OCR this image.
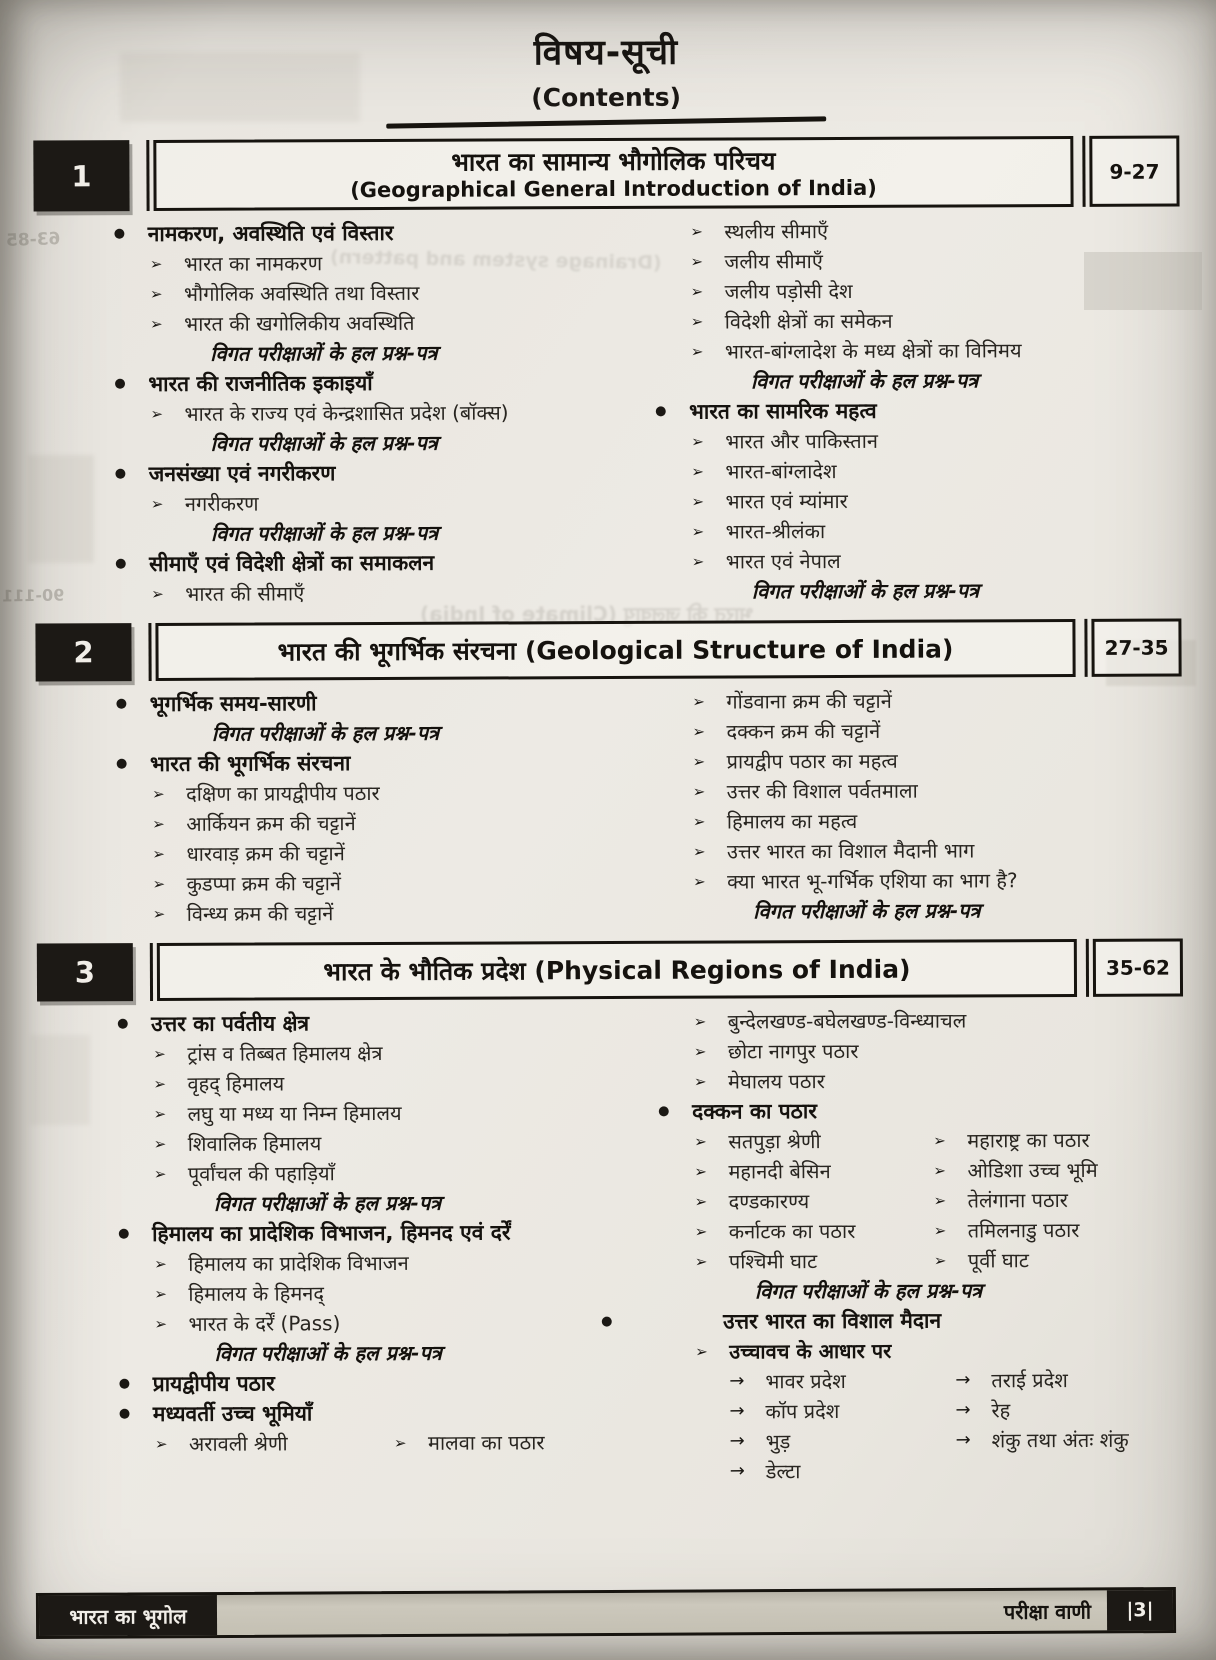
63-85
90-111
(Drainage system and pattern)
भारत की जलवायु (Climate of India)
विषय-सूची
(Contents)
1	भारत का सामान्य भौगोलिक परिचय
(Geographical General Introduction of India)
9-27
●	नामकरण, अवस्थिति एवं विस्तार
➢	भारत का नामकरण
➢	भौगोलिक अवस्थिति तथा विस्तार
➢	भारत की खगोलिकीय अवस्थिति
विगत परीक्षाओं के हल प्रश्न-पत्र
●	भारत की राजनीतिक इकाइयाँ
➢	भारत के राज्य एवं केन्द्रशासित प्रदेश (बॉक्स)
विगत परीक्षाओं के हल प्रश्न-पत्र
●	जनसंख्या एवं नगरीकरण
➢	नगरीकरण
विगत परीक्षाओं के हल प्रश्न-पत्र
●	सीमाएँ एवं विदेशी क्षेत्रों का समाकलन
➢	भारत की सीमाएँ
➢	स्थलीय सीमाएँ
➢	जलीय सीमाएँ
➢	जलीय पड़ोसी देश
➢	विदेशी क्षेत्रों का समेकन
➢	भारत-बांग्लादेश के मध्य क्षेत्रों का विनिमय
विगत परीक्षाओं के हल प्रश्न-पत्र
●	भारत का सामरिक महत्व
➢	भारत और पाकिस्तान
➢	भारत-बांग्लादेश
➢	भारत एवं म्यांमार
➢	भारत-श्रीलंका
➢	भारत एवं नेपाल
विगत परीक्षाओं के हल प्रश्न-पत्र
2	भारत की भूगर्भिक संरचना (Geological Structure of India)	27-35
●	भूगर्भिक समय-सारणी
विगत परीक्षाओं के हल प्रश्न-पत्र
●	भारत की भूगर्भिक संरचना
➢	दक्षिण का प्रायद्वीपीय पठार
➢	आर्कियन क्रम की चट्टानें
➢	धारवाड़ क्रम की चट्टानें
➢	कुडप्पा क्रम की चट्टानें
➢	विन्ध्य क्रम की चट्टानें
➢	गोंडवाना क्रम की चट्टानें
➢	दक्कन क्रम की चट्टानें
➢	प्रायद्वीप पठार का महत्व
➢	उत्तर की विशाल पर्वतमाला
➢	हिमालय का महत्व
➢	उत्तर भारत का विशाल मैदानी भाग
➢	क्या भारत भू-गर्भिक एशिया का भाग है?
विगत परीक्षाओं के हल प्रश्न-पत्र
3	भारत के भौतिक प्रदेश (Physical Regions of India)	35-62
●	उत्तर का पर्वतीय क्षेत्र
➢	ट्रांस व तिब्बत हिमालय क्षेत्र
➢	वृहद् हिमालय
➢	लघु या मध्य या निम्न हिमालय
➢	शिवालिक हिमालय
➢	पूर्वांचल की पहाड़ियाँ
विगत परीक्षाओं के हल प्रश्न-पत्र
●	हिमालय का प्रादेशिक विभाजन, हिमनद एवं दर्रें
➢	हिमालय का प्रादेशिक विभाजन
➢	हिमालय के हिमनद्
➢	भारत के दर्रें (Pass)
विगत परीक्षाओं के हल प्रश्न-पत्र
●	प्रायद्वीपीय पठार
●	मध्यवर्ती उच्च भूमियाँ
➢	अरावली श्रेणी	➢	मालवा का पठार
➢	बुन्देलखण्ड-बघेलखण्ड-विन्ध्याचल
➢	छोटा नागपुर पठार
➢	मेघालय पठार
●	दक्कन का पठार
➢	सतपुड़ा श्रेणी	➢	महाराष्ट्र का पठार
➢	महानदी बेसिन	➢	ओडिशा उच्च भूमि
➢	दण्डकारण्य	➢	तेलंगाना पठार
➢	कर्नाटक का पठार	➢	तमिलनाडु पठार
➢	पश्चिमी घाट	➢	पूर्वी घाट
विगत परीक्षाओं के हल प्रश्न-पत्र
●	उत्तर भारत का विशाल मैदान
➢	उच्चावच के आधार पर
→	भावर प्रदेश	→	तराई प्रदेश
→	कॉप प्रदेश	→	रेह
→	भुड़	→	शंकु तथा अंतः शंकु
→	डेल्टा
भारत का भूगोल	परीक्षा वाणी |3|
